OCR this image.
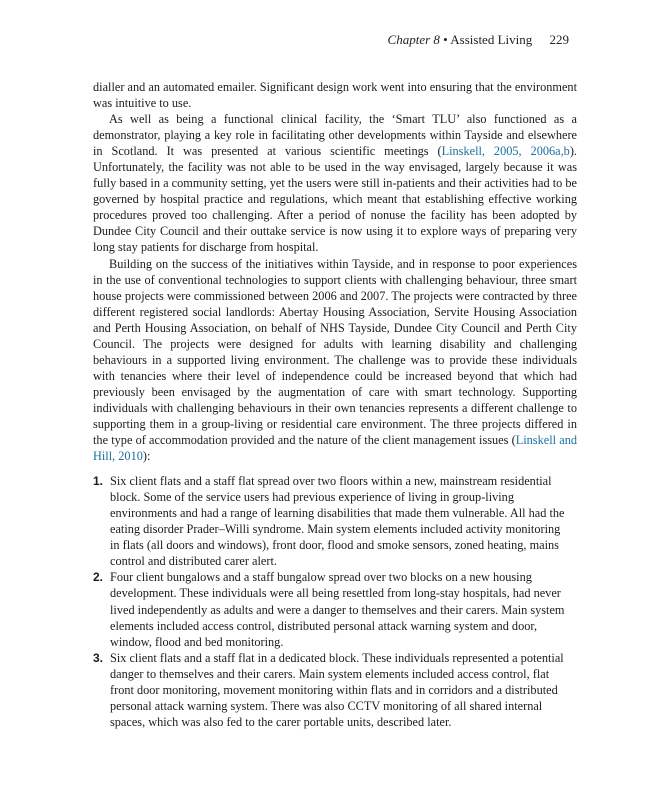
Chapter 8 • Assisted Living 229

dialler and an automated emailer. Significant design work went into ensuring that the environment was intuitive to use.

As well as being a functional clinical facility, the ‘Smart TLU’ also functioned as a demonstrator, playing a key role in facilitating other developments within Tayside and elsewhere in Scotland. It was presented at various scientific meetings (Linskell, 2005, 2006a,b). Unfortunately, the facility was not able to be used in the way envisaged, largely because it was fully based in a community setting, yet the users were still in-patients and their activities had to be governed by hospital practice and regulations, which meant that establishing effective working procedures proved too challenging. After a period of nonuse the facility has been adopted by Dundee City Council and their outtake service is now using it to explore ways of preparing very long stay patients for discharge from hospital.

Building on the success of the initiatives within Tayside, and in response to poor experiences in the use of conventional technologies to support clients with challenging behaviour, three smart house projects were commissioned between 2006 and 2007. The projects were contracted by three different registered social landlords: Abertay Housing Association, Servite Housing Association and Perth Housing Association, on behalf of NHS Tayside, Dundee City Council and Perth City Council. The projects were designed for adults with learning disability and challenging behaviours in a supported living environment. The challenge was to provide these individuals with tenancies where their level of independence could be increased beyond that which had previously been envisaged by the augmentation of care with smart technology. Supporting individuals with challenging behaviours in their own tenancies represents a different challenge to supporting them in a group-living or residential care environment. The three projects differed in the type of accommodation provided and the nature of the client management issues (Linskell and Hill, 2010):

1. Six client flats and a staff flat spread over two floors within a new, mainstream residential block. Some of the service users had previous experience of living in group-living environments and had a range of learning disabilities that made them vulnerable. All had the eating disorder Prader–Willi syndrome. Main system elements included activity monitoring in flats (all doors and windows), front door, flood and smoke sensors, zoned heating, mains control and distributed carer alert.
2. Four client bungalows and a staff bungalow spread over two blocks on a new housing development. These individuals were all being resettled from long-stay hospitals, had never lived independently as adults and were a danger to themselves and their carers. Main system elements included access control, distributed personal attack warning system and door, window, flood and bed monitoring.
3. Six client flats and a staff flat in a dedicated block. These individuals represented a potential danger to themselves and their carers. Main system elements included access control, flat front door monitoring, movement monitoring within flats and in corridors and a distributed personal attack warning system. There was also CCTV monitoring of all shared internal spaces, which was also fed to the carer portable units, described later.
